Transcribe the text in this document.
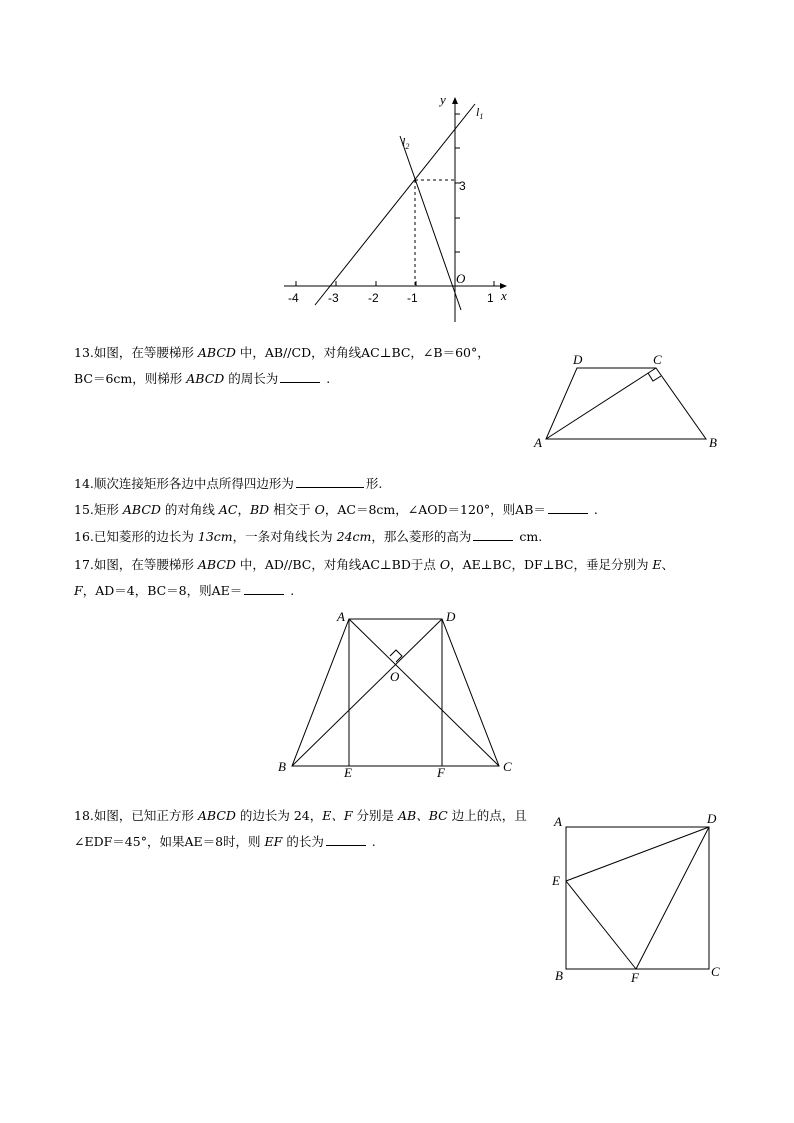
y
x
O
-4 -3 -2 -1	1
3
$l_1$
$l_2$
13.如图，在等腰梯形 ABCD 中，AB//CD，对角线AC⊥BC，∠B＝60°，
BC＝6cm，则梯形 ABCD 的周长为	.
D	C
A	B
14.顺次连接矩形各边中点所得四边形为	形.
15.矩形 ABCD 的对角线 AC，BD 相交于 O，AC＝8cm，∠AOD＝120°，则AB＝	.
16.已知菱形的边长为 13cm，一条对角线长为 24cm，那么菱形的高为	cm.
17.如图，在等腰梯形 ABCD 中，AD//BC，对角线AC⊥BD于点 O，AE⊥BC，DF⊥BC，垂足分别为 E、
F，AD＝4，BC＝8，则AE＝	.
A	D
O
B	E	F	C
18.如图，已知正方形 ABCD 的边长为 24，E、F 分别是 AB、BC 边上的点，且
∠EDF＝45°，如果AE＝8时，则 EF 的长为	.
A	D
E
B	F	C
